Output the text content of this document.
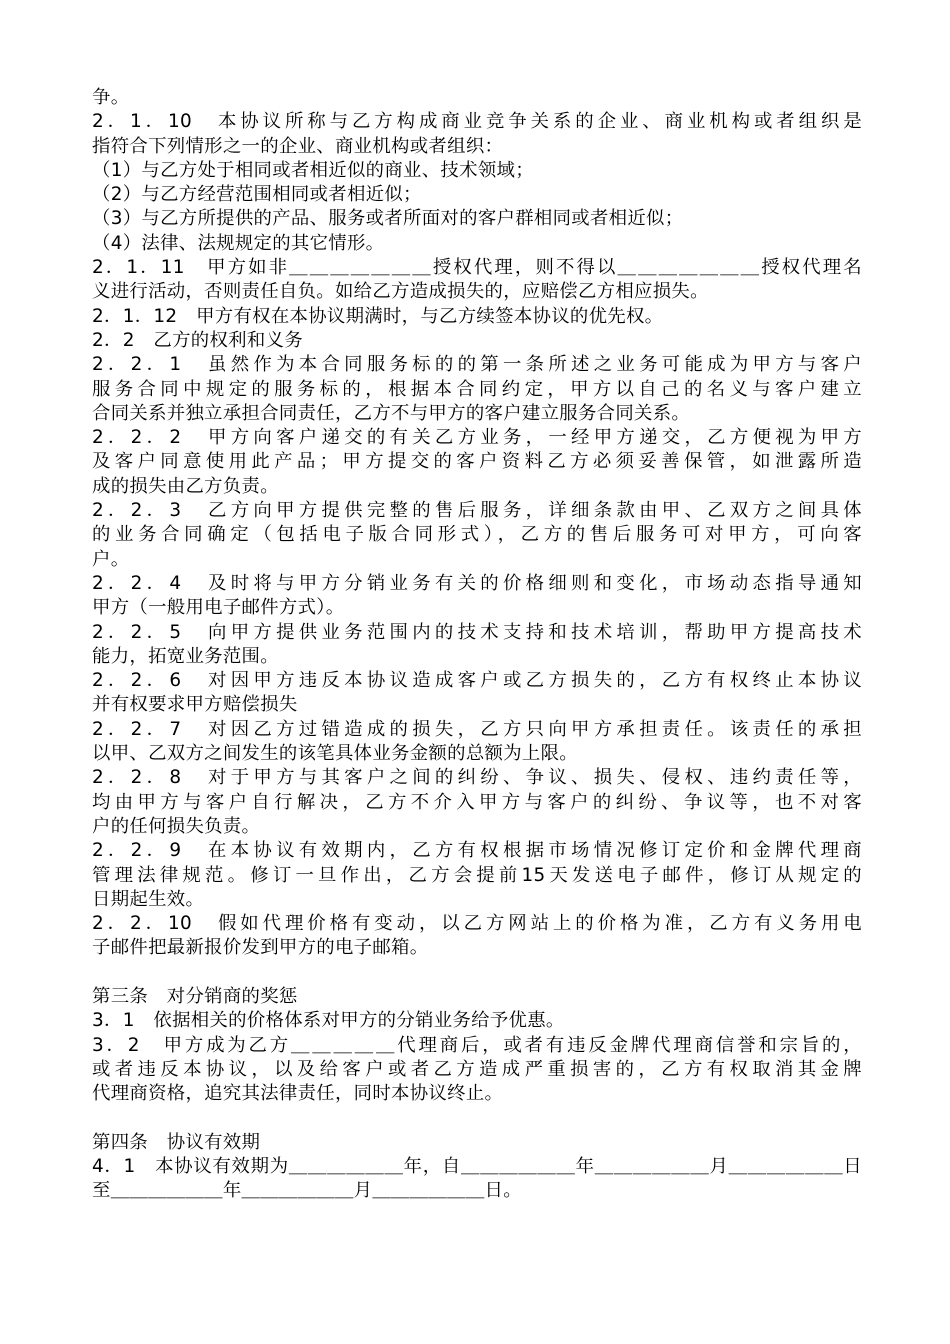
争。
2．1．10　本协议所称与乙方构成商业竞争关系的企业、商业机构或者组织是
指符合下列情形之一的企业、商业机构或者组织：
（1）与乙方处于相同或者相近似的商业、技术领域；
（2）与乙方经营范围相同或者相近似；
（3）与乙方所提供的产品、服务或者所面对的客户群相同或者相近似；
（4）法律、法规规定的其它情形。
2．1．11　甲方如非＿＿＿＿＿＿＿授权代理，则不得以＿＿＿＿＿＿＿授权代理名
义进行活动，否则责任自负。如给乙方造成损失的，应赔偿乙方相应损失。
2．1．12　甲方有权在本协议期满时，与乙方续签本协议的优先权。
2．2　乙方的权利和义务
2．2．1　虽然作为本合同服务标的的第一条所述之业务可能成为甲方与客户
服务合同中规定的服务标的，根据本合同约定，甲方以自己的名义与客户建立
合同关系并独立承担合同责任，乙方不与甲方的客户建立服务合同关系。
2．2．2　甲方向客户递交的有关乙方业务，一经甲方递交，乙方便视为甲方
及客户同意使用此产品；甲方提交的客户资料乙方必须妥善保管，如泄露所造
成的损失由乙方负责。
2．2．3　乙方向甲方提供完整的售后服务，详细条款由甲、乙双方之间具体
的业务合同确定（包括电子版合同形式），乙方的售后服务可对甲方，可向客
户。
2．2．4　及时将与甲方分销业务有关的价格细则和变化，市场动态指导通知
甲方（一般用电子邮件方式）。
2．2．5　向甲方提供业务范围内的技术支持和技术培训，帮助甲方提高技术
能力，拓宽业务范围。
2．2．6　对因甲方违反本协议造成客户或乙方损失的，乙方有权终止本协议
并有权要求甲方赔偿损失
2．2．7　对因乙方过错造成的损失，乙方只向甲方承担责任。该责任的承担
以甲、乙双方之间发生的该笔具体业务金额的总额为上限。
2．2．8　对于甲方与其客户之间的纠纷、争议、损失、侵权、违约责任等，
均由甲方与客户自行解决，乙方不介入甲方与客户的纠纷、争议等，也不对客
户的任何损失负责。
2．2．9　在本协议有效期内，乙方有权根据市场情况修订定价和金牌代理商
管理法律规范。修订一旦作出，乙方会提前15天发送电子邮件，修订从规定的
日期起生效。
2．2．10　假如代理价格有变动，以乙方网站上的价格为准，乙方有义务用电
子邮件把最新报价发到甲方的电子邮箱。
第三条　对分销商的奖惩
3．1　依据相关的价格体系对甲方的分销业务给予优惠。
3．2　甲方成为乙方＿＿＿＿＿代理商后，或者有违反金牌代理商信誉和宗旨的，
或者违反本协议，以及给客户或者乙方造成严重损害的，乙方有权取消其金牌
代理商资格，追究其法律责任，同时本协议终止。
第四条　协议有效期
4．1　本协议有效期为＿＿＿＿＿＿年，自＿＿＿＿＿＿年＿＿＿＿＿＿月＿＿＿＿＿＿日
至＿＿＿＿＿＿年＿＿＿＿＿＿月＿＿＿＿＿＿日。
